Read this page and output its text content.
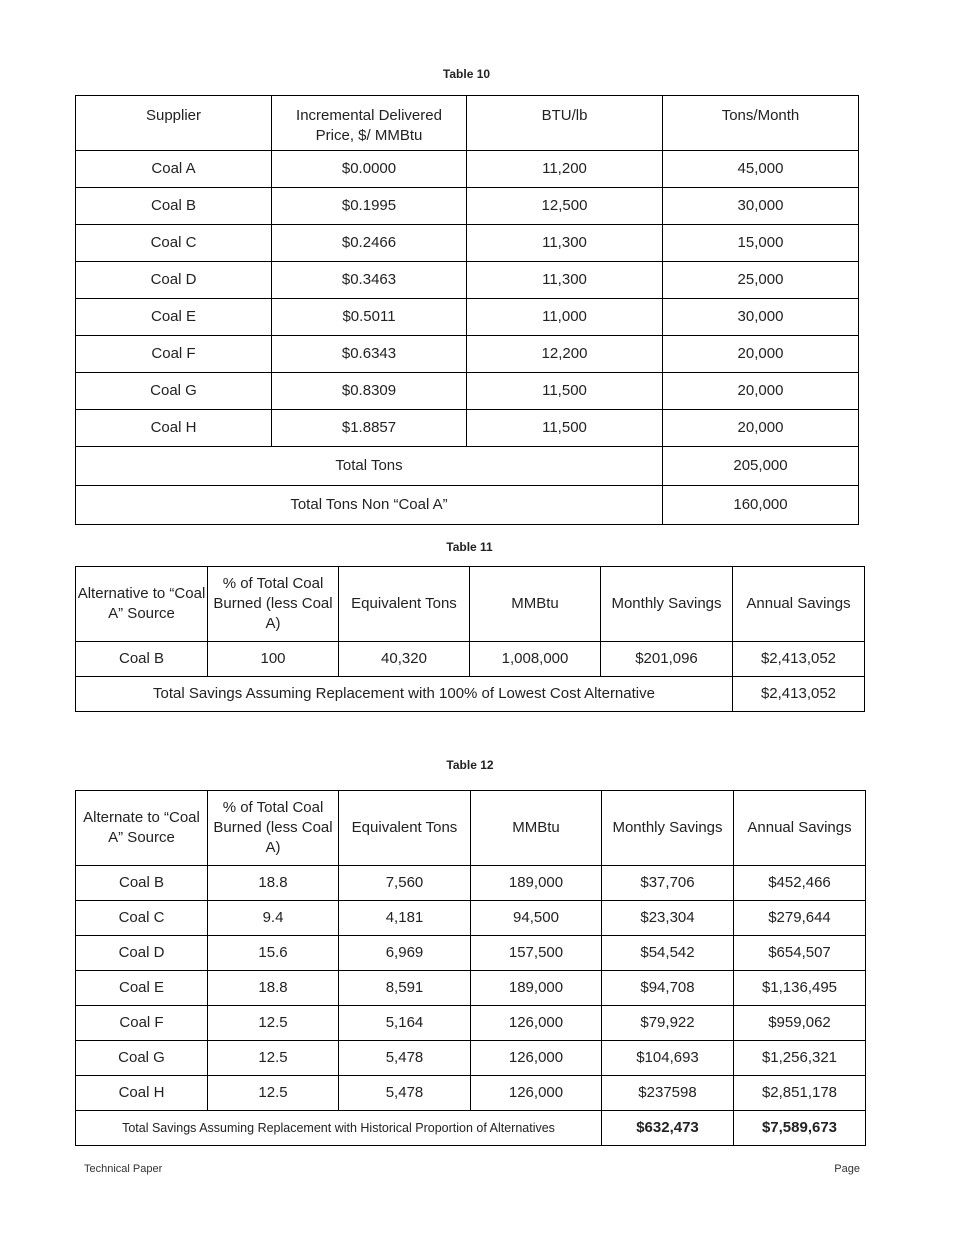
Table 10
Supplier	Incremental Delivered Price, $/ MMBtu	BTU/lb	Tons/Month
Coal A	$0.0000	11,200	45,000
Coal B	$0.1995	12,500	30,000
Coal C	$0.2466	11,300	15,000
Coal D	$0.3463	11,300	25,000
Coal E	$0.5011	11,000	30,000
Coal F	$0.6343	12,200	20,000
Coal G	$0.8309	11,500	20,000
Coal H	$1.8857	11,500	20,000
Total Tons			205,000
Total Tons Non “Coal A”			160,000
Table 11
Alternative to “Coal A” Source	% of Total Coal Burned (less Coal A)	Equivalent Tons	MMBtu	Monthly Savings	Annual Savings
Coal B	100	40,320	1,008,000	$201,096	$2,413,052
Total Savings Assuming Replacement with 100% of Lowest Cost Alternative					$2,413,052
Table 12
Alternate to “Coal A” Source	% of Total Coal Burned (less Coal A)	Equivalent Tons	MMBtu	Monthly Savings	Annual Savings
Coal B	18.8	7,560	189,000	$37,706	$452,466
Coal C	9.4	4,181	94,500	$23,304	$279,644
Coal D	15.6	6,969	157,500	$54,542	$654,507
Coal E	18.8	8,591	189,000	$94,708	$1,136,495
Coal F	12.5	5,164	126,000	$79,922	$959,062
Coal G	12.5	5,478	126,000	$104,693	$1,256,321
Coal H	12.5	5,478	126,000	$237598	$2,851,178
Total Savings Assuming Replacement with Historical Proportion of Alternatives				$632,473	$7,589,673
Technical Paper	Page
